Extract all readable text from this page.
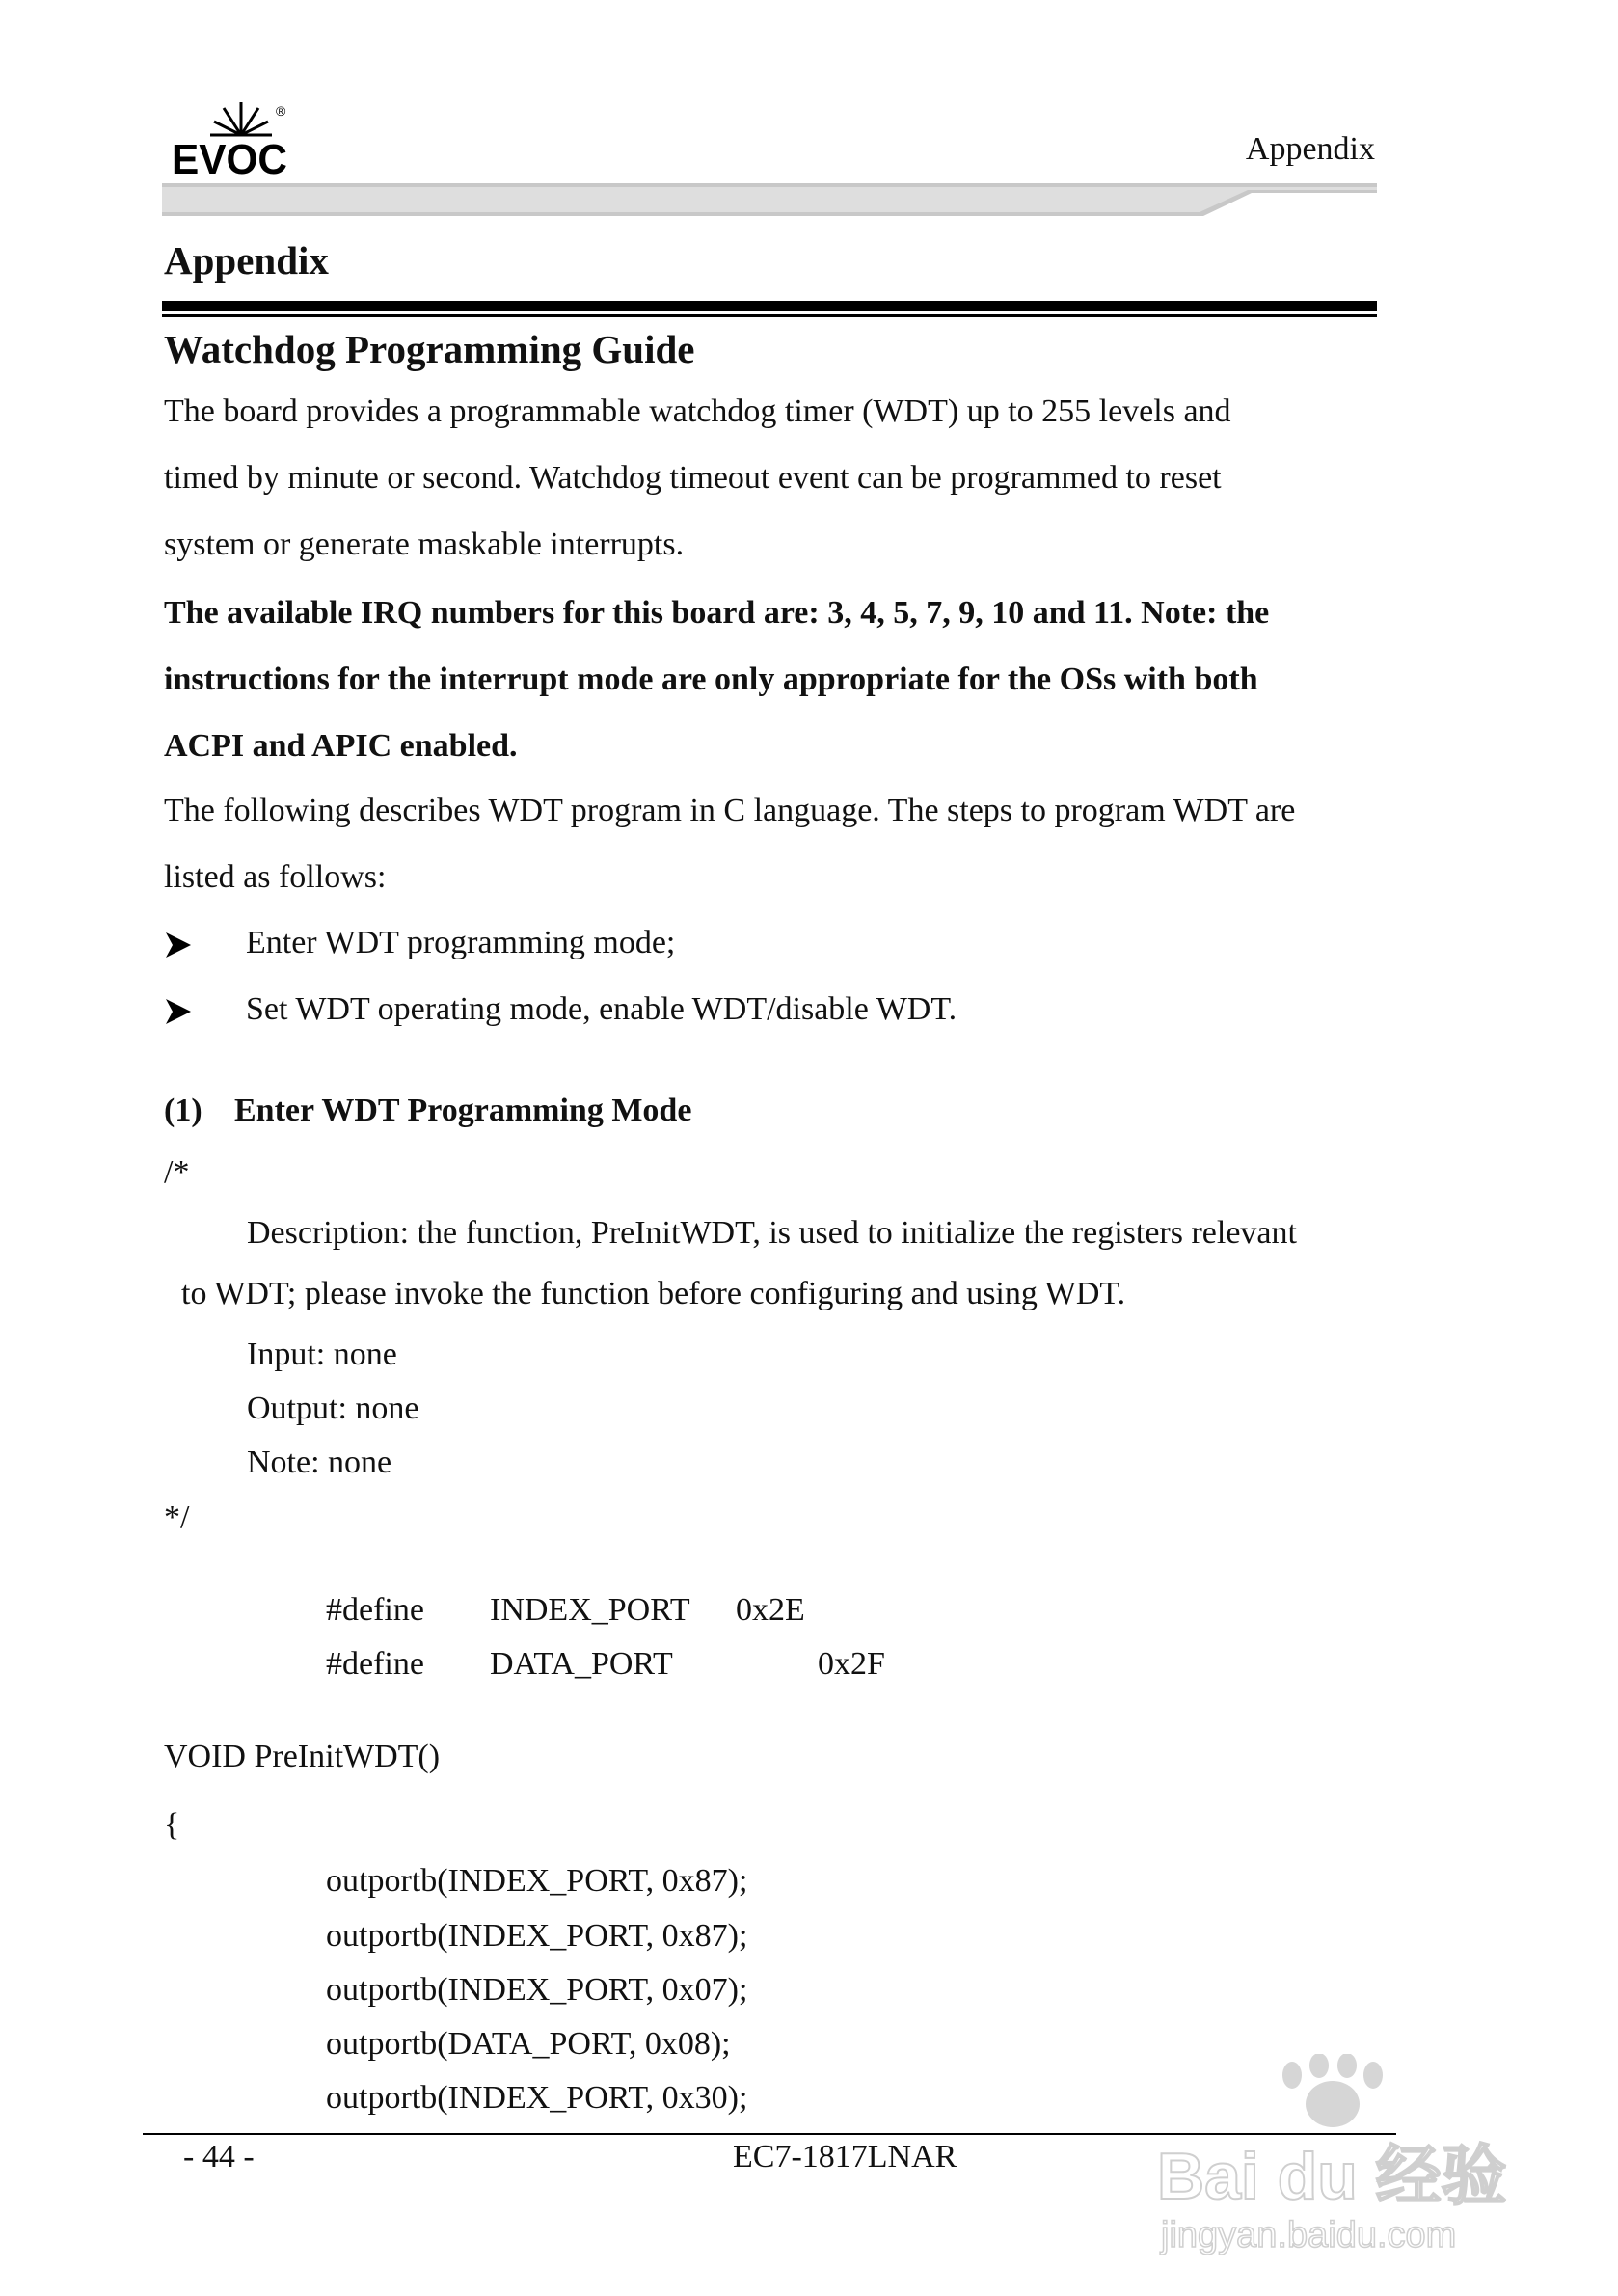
®
EVOC	Appendix
Appendix
Watchdog Programming Guide
The board provides a programmable watchdog timer (WDT) up to 255 levels and
timed by minute or second. Watchdog timeout event can be programmed to reset
system or generate maskable interrupts.
The available IRQ numbers for this board are: 3, 4, 5, 7, 9, 10 and 11. Note: the
instructions for the interrupt mode are only appropriate for the OSs with both
ACPI and APIC enabled.
The following describes WDT program in C language. The steps to program WDT are
listed as follows:
Enter WDT programming mode;
Set WDT operating mode, enable WDT/disable WDT.
(1) Enter WDT Programming Mode
/*
Description: the function, PreInitWDT, is used to initialize the registers relevant
to WDT; please invoke the function before configuring and using WDT.
Input: none
Output: none
Note: none
*/
#define INDEX_PORT 0x2E
#define DATA_PORT	0x2F
VOID PreInitWDT()
{
outportb(INDEX_PORT, 0x87);
outportb(INDEX_PORT, 0x87);
outportb(INDEX_PORT, 0x07);
outportb(DATA_PORT, 0x08);
outportb(INDEX_PORT, 0x30);
- 44 -	EC7-1817LNAR	Bai du 经验
jingyan.baidu.com
